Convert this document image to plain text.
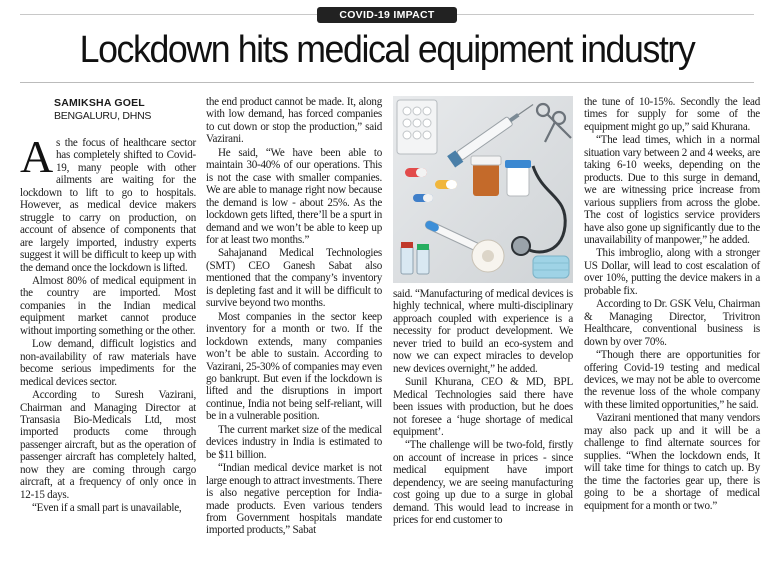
COVID-19 IMPACT
Lockdown hits medical equipment industry
SAMIKSHA GOEL
BENGALURU, DHNS

As the focus of healthcare sector has completely shifted to Covid-19, many people with other ailments are waiting for the lockdown to lift to go to hospitals. However, as medical device makers struggle to carry on production, on account of absence of components that are largely imported, industry experts suggest it will be difficult to keep up with the demand once the lockdown is lifted.

Almost 80% of medical equipment in the country are imported. Most companies in the Indian medical equipment market cannot produce without importing something or the other.

Low demand, difficult logistics and non-availability of raw materials have become serious impediments for the medical devices sector.

According to Suresh Vazirani, Chairman and Managing Director at Transasia Bio-Medicals Ltd, most imported products come through passenger aircraft, but as the operation of passenger aircraft has completely halted, now they are coming through cargo aircraft, at a frequency of only once in 12-15 days.

“Even if a small part is unavailable,

the end product cannot be made. It, along with low demand, has forced companies to cut down or stop the production,” said Vazirani.

He said, “We have been able to maintain 30-40% of our operations. This is not the case with smaller companies. We are able to manage right now because the demand is low - about 25%. As the lockdown gets lifted, there’ll be a spurt in demand and we won’t be able to keep up for at least two months.”

Sahajanand Medical Technologies (SMT) CEO Ganesh Sabat also mentioned that the company’s inventory is depleting fast and it will be difficult to survive beyond two months.

Most companies in the sector keep inventory for a month or two. If the lockdown extends, many companies won’t be able to sustain. According to Vazirani, 25-30% of companies may even go bankrupt. But even if the lockdown is lifted and the disruptions in import continue, India not being self-reliant, will be in a vulnerable position.

The current market size of the medical devices industry in India is estimated to be $11 billion.

“Indian medical device market is not large enough to attract investments. There is also negative perception for India-made products. Even various tenders from Government hospitals mandate imported products,” Sabat

said. “Manufacturing of medical devices is highly technical, where multi-disciplinary approach coupled with experience is a necessity for product development. We never tried to build an eco-system and now we can expect miracles to develop new devices overnight,” he added.

Sunil Khurana, CEO & MD, BPL Medical Technologies said there have been issues with production, but he does not foresee a ‘huge shortage of medical equipment’.

“The challenge will be two-fold, firstly on account of increase in prices - since medical equipment have import dependency, we are seeing manufacturing cost going up due to a surge in global demand. This would lead to increase in prices for end customer to

the tune of 10-15%. Secondly the lead times for supply for some of the equipment might go up,” said Khurana.

“The lead times, which in a normal situation vary between 2 and 4 weeks, are taking 6-10 weeks, depending on the products. Due to this surge in demand, we are witnessing price increase from various suppliers from across the globe. The cost of logistics service providers have also gone up significantly due to the unavailability of manpower,” he added.

This imbroglio, along with a stronger US Dollar, will lead to cost escalation of over 10%, putting the device makers in a probable fix.

According to Dr. GSK Velu, Chairman & Managing Director, Trivitron Healthcare, conventional business is down by over 70%.

“Though there are opportunities for offering Covid-19 testing and medical devices, we may not be able to overcome the revenue loss of the whole company with these limited opportunities,” he said.

Vazirani mentioned that many vendors may also pack up and it will be a challenge to find alternate sources for supplies. “When the lockdown ends, It will take time for things to catch up. By the time the factories gear up, there is going to be a shortage of medical equipment for a month or two.”
